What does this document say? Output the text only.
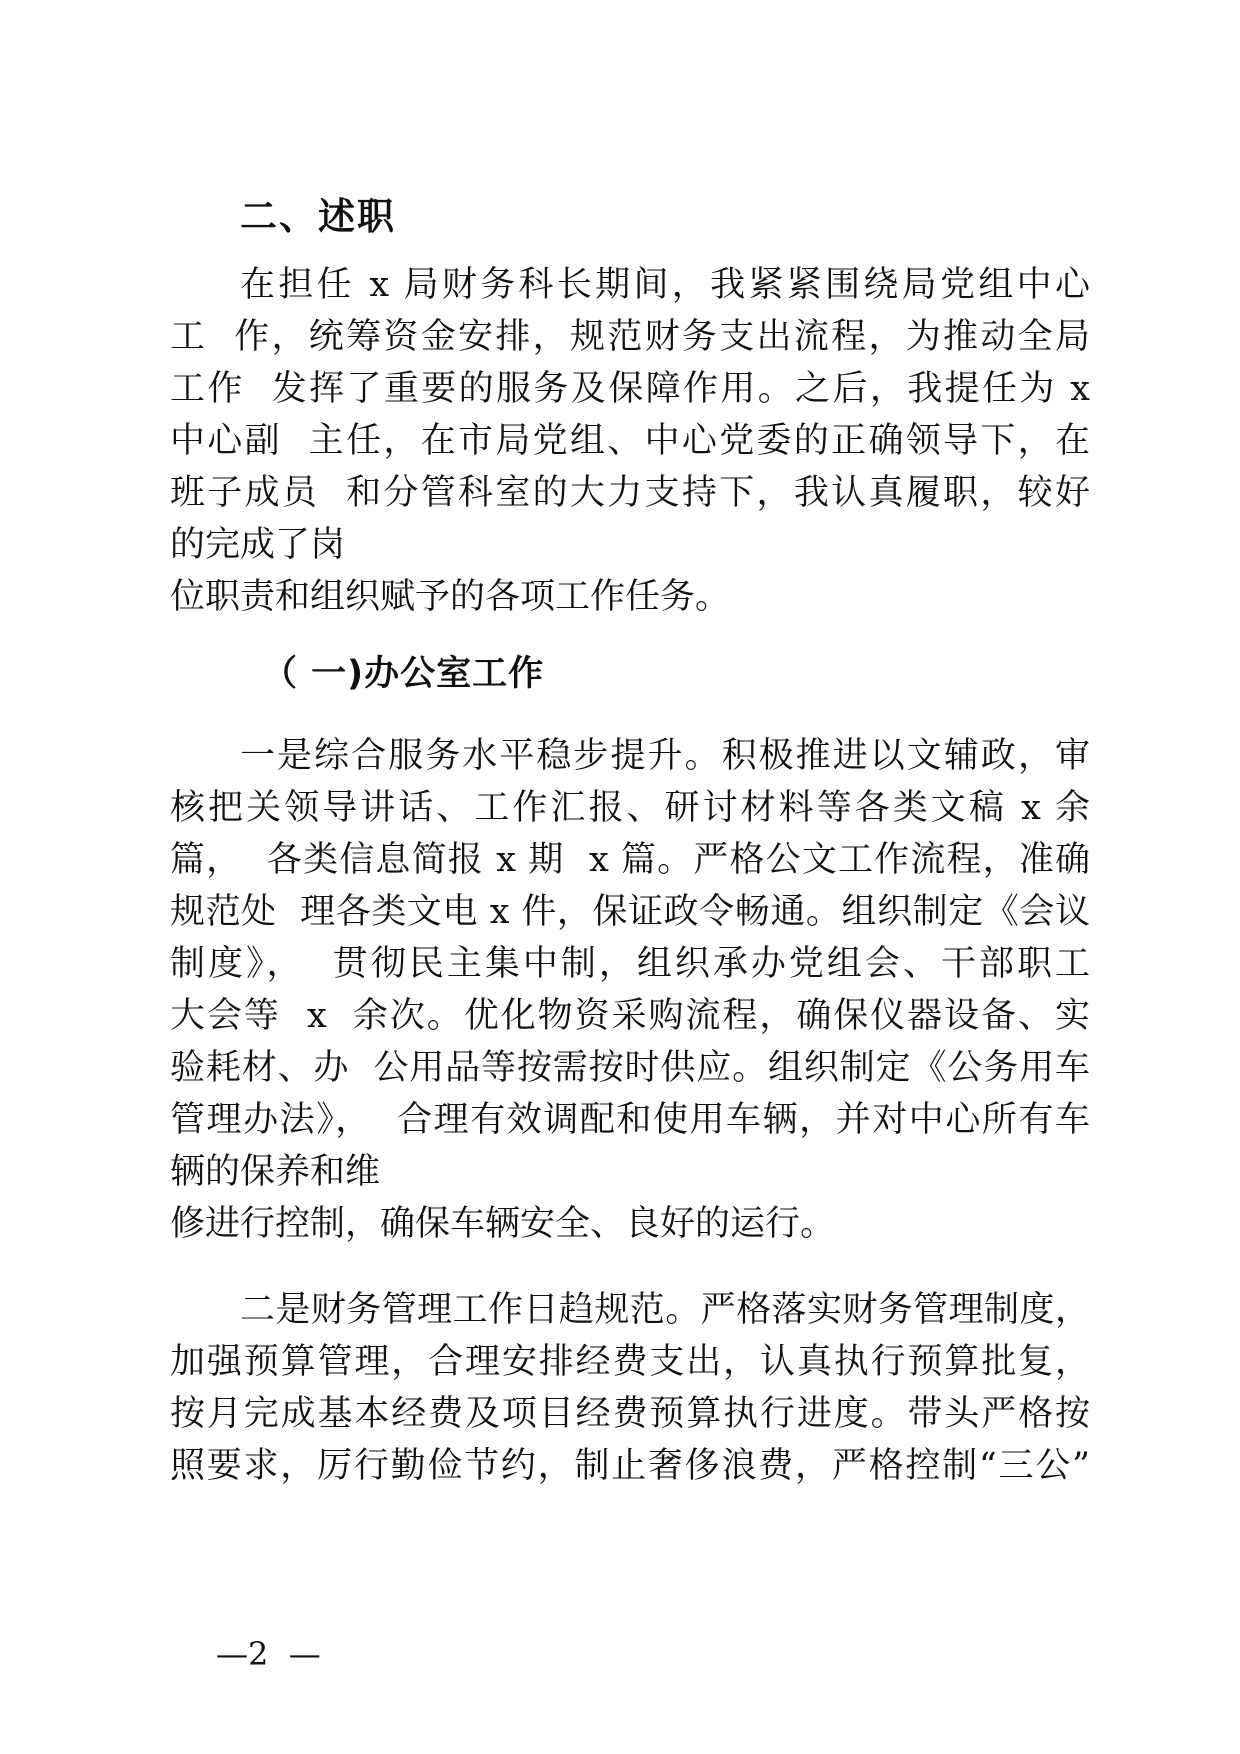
二、述职
在担任 x 局财务科长期间，我紧紧围绕局党组中心
工  作，统筹资金安排，规范财务支出流程，为推动全局
工作  发挥了重要的服务及保障作用。之后，我提任为 x
中心副  主任，在市局党组、中心党委的正确领导下，在
班子成员  和分管科室的大力支持下，我认真履职，较好
的完成了岗
位职责和组织赋予的各项工作任务。
（ 一)办公室工作
一是综合服务水平稳步提升。积极推进以文辅政，审
核把关领导讲话、工作汇报、研讨材料等各类文稿 x 余
篇，  各类信息简报 x 期  x 篇。严格公文工作流程，准确
规范处  理各类文电 x 件，保证政令畅通。组织制定《会议
制度》，  贯彻民主集中制，组织承办党组会、干部职工
大会等  x  余次。优化物资采购流程，确保仪器设备、实
验耗材、办  公用品等按需按时供应。组织制定《公务用车
管理办法》，  合理有效调配和使用车辆，并对中心所有车
辆的保养和维
修进行控制，确保车辆安全、良好的运行。
二是财务管理工作日趋规范。严格落实财务管理制度，
加强预算管理，合理安排经费支出，认真执行预算批复，
按月完成基本经费及项目经费预算执行进度。带头严格按
照要求，厉行勤俭节约，制止奢侈浪费，严格控制“三公”
—2  —
